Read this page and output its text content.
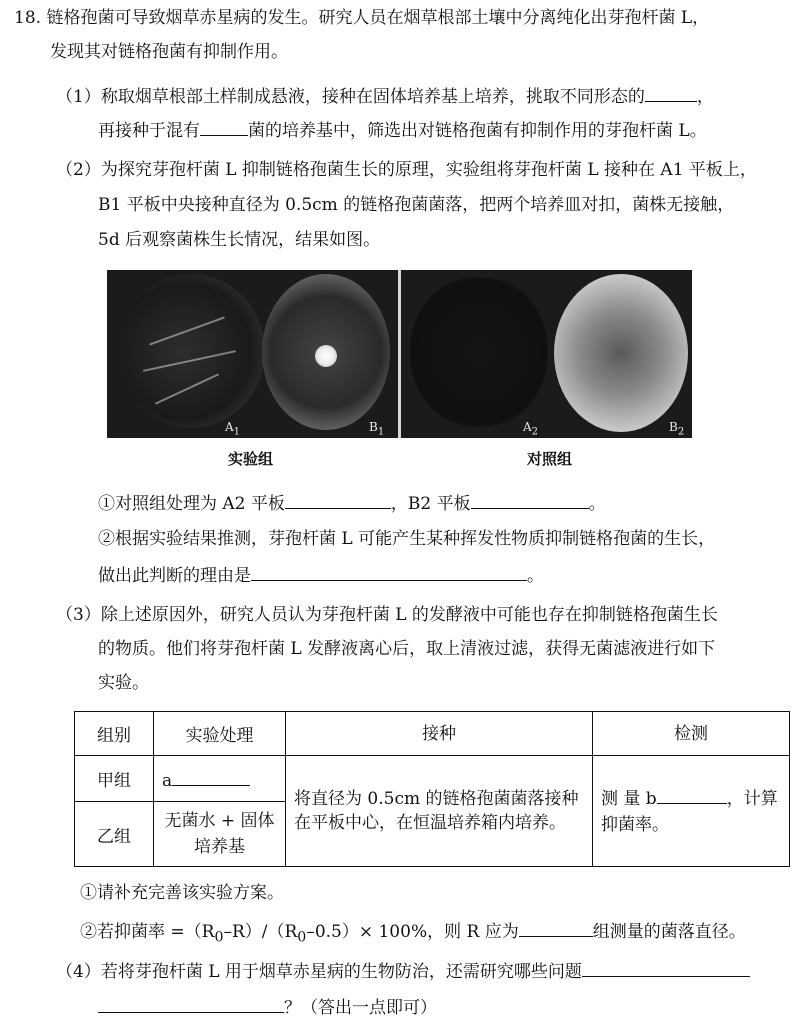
18. 链格孢菌可导致烟草赤星病的发生。研究人员在烟草根部土壤中分离纯化出芽孢杆菌 L，
发现其对链格孢菌有抑制作用。
（1）称取烟草根部土样制成悬液，接种在固体培养基上培养，挑取不同形态的	，
再接种于混有	菌的培养基中，筛选出对链格孢菌有抑制作用的芽孢杆菌 L。
（2）为探究芽孢杆菌 L 抑制链格孢菌生长的原理，实验组将芽孢杆菌 L 接种在 A1 平板上，
B1 平板中央接种直径为 0.5cm 的链格孢菌菌落，把两个培养皿对扣，菌株无接触，
5d 后观察菌株生长情况，结果如图。
$A_1$	$B_1$	$A_2$	$B_2$
实验组	对照组
①对照组处理为 A2 平板	，B2 平板	。
②根据实验结果推测，芽孢杆菌 L 可能产生某种挥发性物质抑制链格孢菌的生长，
做出此判断的理由是	。
（3）除上述原因外，研究人员认为芽孢杆菌 L 的发酵液中可能也存在抑制链格孢菌生长
的物质。他们将芽孢杆菌 L 发酵液离心后，取上清液过滤，获得无菌滤液进行如下
实验。
组别	实验处理	接种	检测
甲组	a	将直径为 0.5cm 的链格孢菌菌落接种在平板中心，在恒温培养箱内培养。	测 量 b ，计算抑菌率。
乙组	无菌水 + 固体培养基		
①请补充完善该实验方案。
②若抑菌率 $=(R_0-R)/(R_0-0.5)\times 100\%$，则 R 应为	组测量的菌落直径。
（4）若将芽孢杆菌 L 用于烟草赤星病的生物防治，还需研究哪些问题
？（答出一点即可）
